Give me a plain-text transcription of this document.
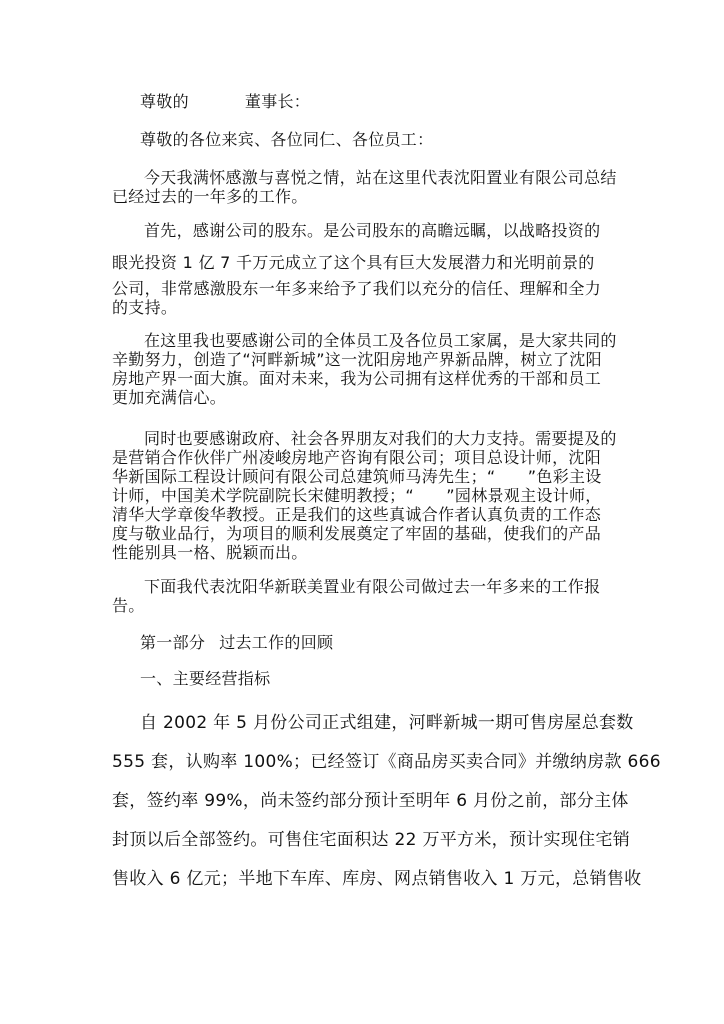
尊敬的	董事长：

尊敬的各位来宾、各位同仁、各位员工：

今天我满怀感激与喜悦之情，站在这里代表沈阳置业有限公司总结已经过去的一年多的工作。

首先，感谢公司的股东。是公司股东的高瞻远瞩，以战略投资的

眼光投资 1 亿 7 千万元成立了这个具有巨大发展潜力和光明前景的

公司，非常感激股东一年多来给予了我们以充分的信任、理解和全力的支持。

在这里我也要感谢公司的全体员工及各位员工家属，是大家共同的辛勤努力，创造了“河畔新城”这一沈阳房地产界新品牌，树立了沈阳房地产界一面大旗。面对未来，我为公司拥有这样优秀的干部和员工更加充满信心。

同时也要感谢政府、社会各界朋友对我们的大力支持。需要提及的是营销合作伙伴广州凌峻房地产咨询有限公司；项目总设计师，沈阳华新国际工程设计顾问有限公司总建筑师马涛先生；“      ”色彩主设计师，中国美术学院副院长宋健明教授；“      ”园林景观主设计师，清华大学章俊华教授。正是我们的这些真诚合作者认真负责的工作态度与敬业品行，为项目的顺利发展奠定了牢固的基础，使我们的产品性能别具一格、脱颖而出。

下面我代表沈阳华新联美置业有限公司做过去一年多来的工作报告。

第一部分 过去工作的回顾

一、主要经营指标

自 2002 年 5 月份公司正式组建，河畔新城一期可售房屋总套数

555 套，认购率 100%；已经签订《商品房买卖合同》并缴纳房款 666

套，签约率 99%，尚未签约部分预计至明年 6 月份之前，部分主体

封顶以后全部签约。可售住宅面积达 22 万平方米，预计实现住宅销

售收入 6 亿元；半地下车库、库房、网点销售收入 1 万元，总销售收
